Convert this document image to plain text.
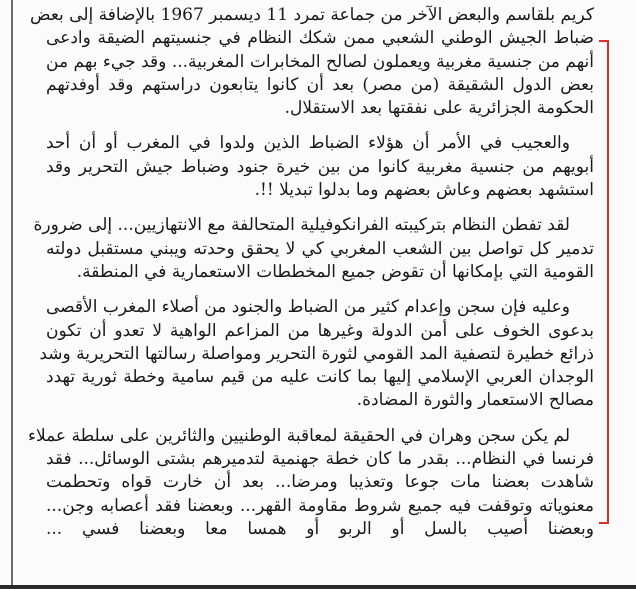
كريم بلقاسم والبعض الآخر من جماعة تمرد 11 ديسمبر 1967 بالإضافة إلى بعض
ضباط الجيش الوطني الشعبي ممن شكك النظام في جنسيتهم الضيقة وادعى
أنهم من جنسية مغربية ويعملون لصالح المخابرات المغربية... وقد جيء بهم من
بعض الدول الشقيقة (من مصر) بعد أن كانوا يتابعون دراستهم وقد أوفدتهم
الحكومة الجزائرية على نفقتها بعد الاستقلال.
والعجيب في الأمر أن هؤلاء الضباط الذين ولدوا في المغرب أو أن أحد
أبويهم من جنسية مغربية كانوا من بين خيرة جنود وضباط جيش التحرير وقد
استشهد بعضهم وعاش بعضهم وما بدلوا تبديلا !!.
لقد تفطن النظام بتركيبته الفرانكوفيلية المتحالفة مع الانتهازيين... إلى ضرورة
تدمير كل تواصل بين الشعب المغربي كي لا يحقق وحدته ويبني مستقبل دولته
القومية التي بإمكانها أن تقوض جميع المخططات الاستعمارية في المنطقة.
وعليه فإن سجن وإعدام كثير من الضباط والجنود من أصلاء المغرب الأقصى
بدعوى الخوف على أمن الدولة وغيرها من المزاعم الواهية لا تعدو أن تكون
ذرائع خطيرة لتصفية المد القومي لثورة التحرير ومواصلة رسالتها التحريرية وشد
الوجدان العربي الإسلامي إليها بما كانت عليه من قيم سامية وخطة ثورية تهدد
مصالح الاستعمار والثورة المضادة.
لم يكن سجن وهران في الحقيقة لمعاقبة الوطنيين والثائرين على سلطة عملاء
فرنسا في النظام... بقدر ما كان خطة جهنمية لتدميرهم بشتى الوسائل... فقد
شاهدت بعضنا مات جوعا وتعذيبا ومرضا... بعد أن خارت قواه وتحطمت
معنوياته وتوقفت فيه جميع شروط مقاومة القهر... وبعضنا فقد أعصابه وجن...
وبعضنا أصيب بالسل أو الربو أو همسا معا وبعضنا فسي ...
